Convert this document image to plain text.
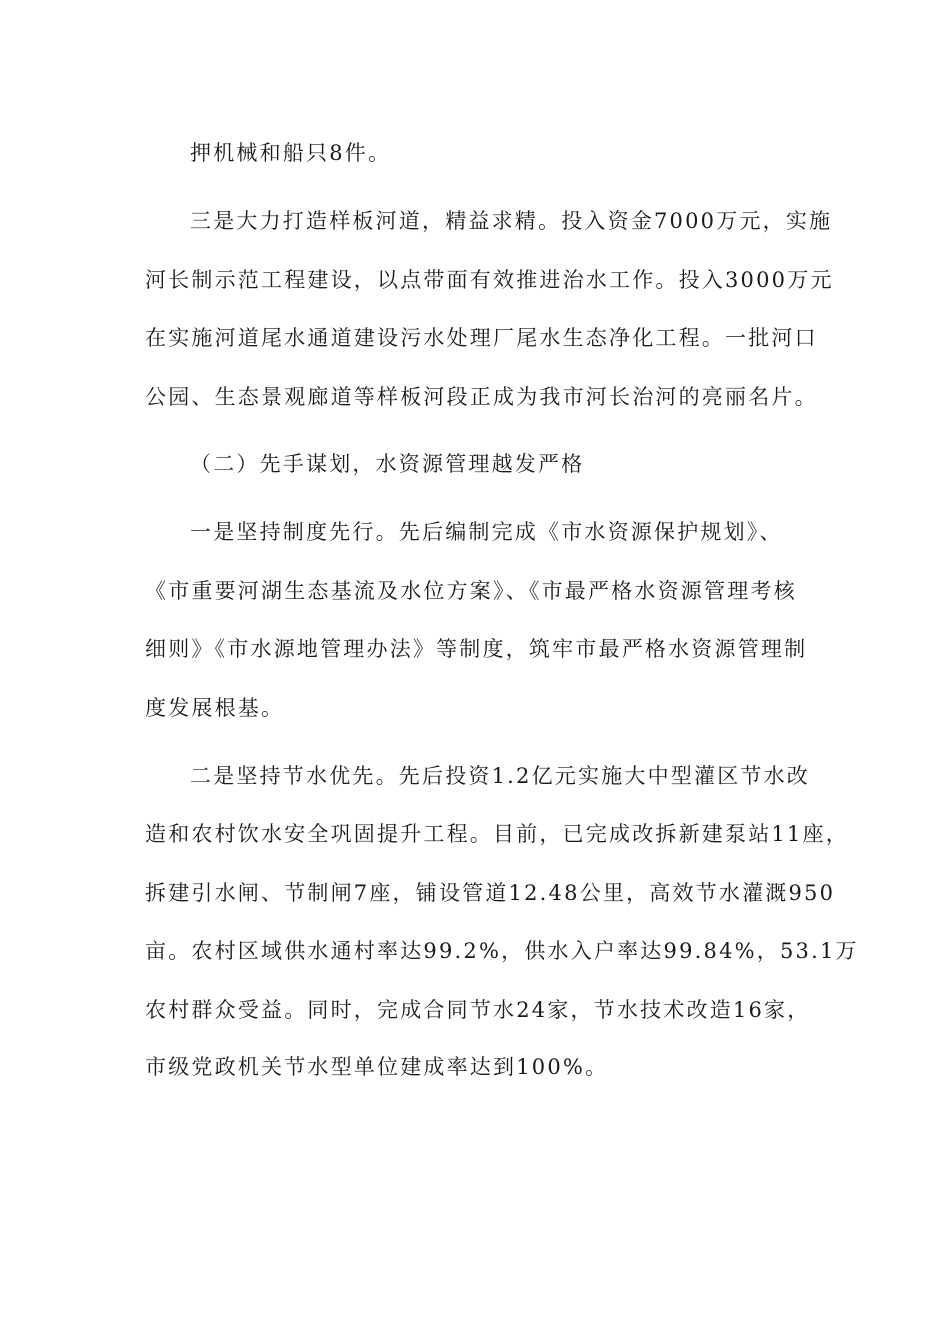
押机械和船只8件。
三是大力打造样板河道，精益求精。投入资金7000万元，实施
河长制示范工程建设，以点带面有效推进治水工作。投入3000万元
在实施河道尾水通道建设污水处理厂尾水生态净化工程。一批河口
公园、生态景观廊道等样板河段正成为我市河长治河的亮丽名片。
（二）先手谋划，水资源管理越发严格
一是坚持制度先行。先后编制完成《市水资源保护规划》、
《市重要河湖生态基流及水位方案》、《市最严格水资源管理考核
细则》《市水源地管理办法》等制度，筑牢市最严格水资源管理制
度发展根基。
二是坚持节水优先。先后投资1.2亿元实施大中型灌区节水改
造和农村饮水安全巩固提升工程。目前，已完成改拆新建泵站11座，
拆建引水闸、节制闸7座，铺设管道12.48公里，高效节水灌溉950
亩。农村区域供水通村率达99.2%，供水入户率达99.84%，53.1万
农村群众受益。同时，完成合同节水24家，节水技术改造16家，
市级党政机关节水型单位建成率达到100%。
